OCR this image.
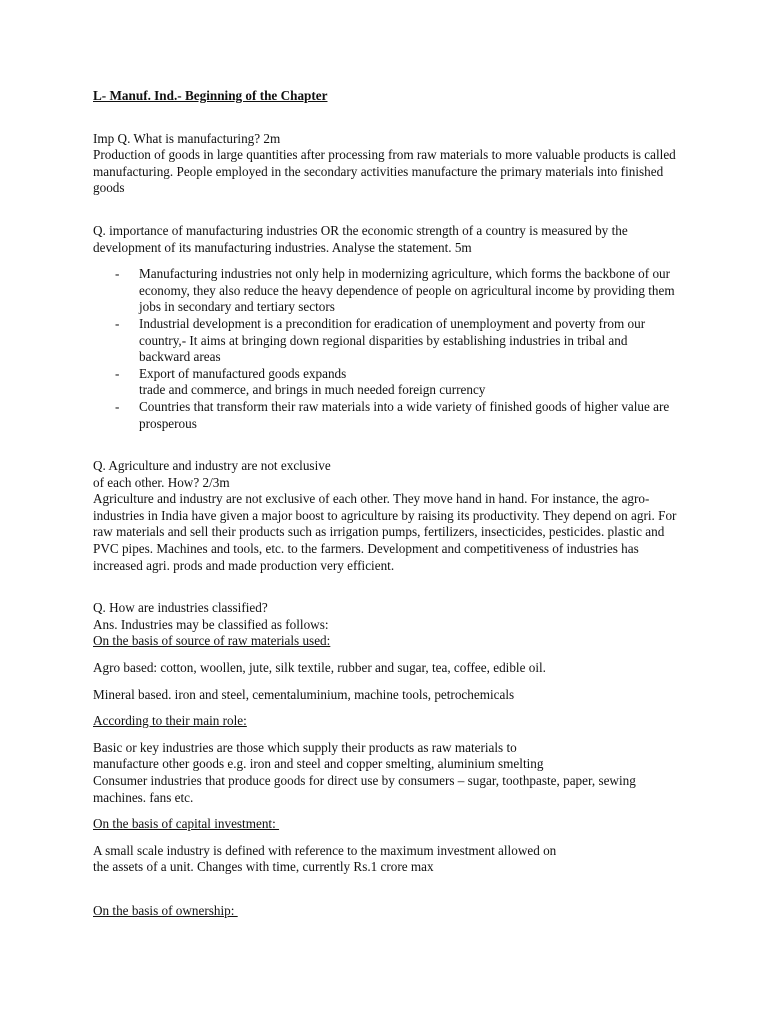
L- Manuf. Ind.- Beginning of the Chapter

Imp Q. What is manufacturing? 2m

Production of goods in large quantities after processing from raw materials to more valuable products is called manufacturing. People employed in the secondary activities manufacture the primary materials into finished goods

Q. importance of manufacturing industries OR the economic strength of a country is measured by the development of its manufacturing industries. Analyse the statement. 5m

- Manufacturing industries not only help in modernizing agriculture, which forms the backbone of our economy, they also reduce the heavy dependence of people on agricultural income by providing them jobs in secondary and tertiary sectors
- Industrial development is a precondition for eradication of unemployment and poverty from our country,- It aims at bringing down regional disparities by establishing industries in tribal and backward areas
- Export of manufactured goods expands
trade and commerce, and brings in much needed foreign currency
- Countries that transform their raw materials into a wide variety of finished goods of higher value are prosperous

Q. Agriculture and industry are not exclusive

of each other. How? 2/3m

Agriculture and industry are not exclusive of each other. They move hand in hand. For instance, the agro-industries in India have given a major boost to agriculture by raising its productivity. They depend on agri. For raw materials and sell their products such as irrigation pumps, fertilizers, insecticides, pesticides. plastic and PVC pipes. Machines and tools, etc. to the farmers. Development and competitiveness of industries has increased agri. prods and made production very efficient.

Q. How are industries classified?

Ans. Industries may be classified as follows:

On the basis of source of raw materials used:

Agro based: cotton, woollen, jute, silk textile, rubber and sugar, tea, coffee, edible oil.

Mineral based. iron and steel, cementaluminium, machine tools, petrochemicals

According to their main role:

Basic or key industries are those which supply their products as raw materials to

manufacture other goods e.g. iron and steel and copper smelting, aluminium smelting

Consumer industries that produce goods for direct use by consumers – sugar, toothpaste, paper, sewing machines. fans etc.

On the basis of capital investment:

A small scale industry is defined with reference to the maximum investment allowed on

the assets of a unit. Changes with time, currently Rs.1 crore max

On the basis of ownership:
